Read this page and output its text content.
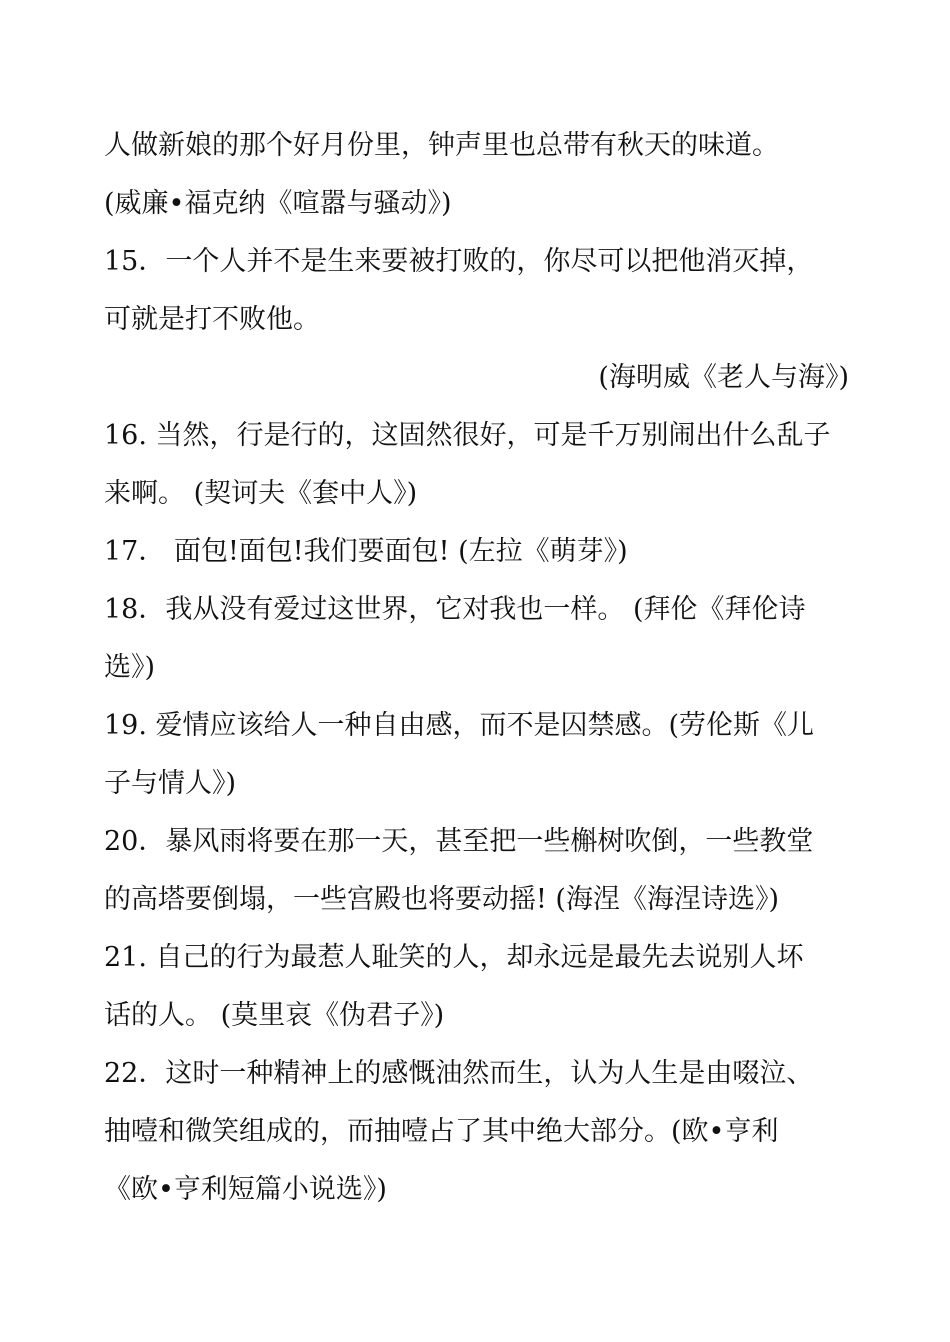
人做新娘的那个好月份里，钟声里也总带有秋天的味道。
(威廉•福克纳《喧嚣与骚动》)
15．一个人并不是生来要被打败的，你尽可以把他消灭掉，
可就是打不败他。
(海明威《老人与海》)
16. 当然，行是行的，这固然很好，可是千万别闹出什么乱子
来啊。 (契诃夫《套中人》)
17． 面包!面包!我们要面包! (左拉《萌芽》)
18．我从没有爱过这世界，它对我也一样。 (拜伦《拜伦诗
选》)
19. 爱情应该给人一种自由感，而不是囚禁感。(劳伦斯《儿
子与情人》)
20．暴风雨将要在那一天，甚至把一些槲树吹倒，一些教堂
的高塔要倒塌，一些宫殿也将要动摇! (海涅《海涅诗选》)
21. 自己的行为最惹人耻笑的人，却永远是最先去说别人坏
话的人。 (莫里哀《伪君子》)
22．这时一种精神上的感慨油然而生，认为人生是由啜泣、
抽噎和微笑组成的，而抽噎占了其中绝大部分。(欧•亨利
《欧•亨利短篇小说选》)
